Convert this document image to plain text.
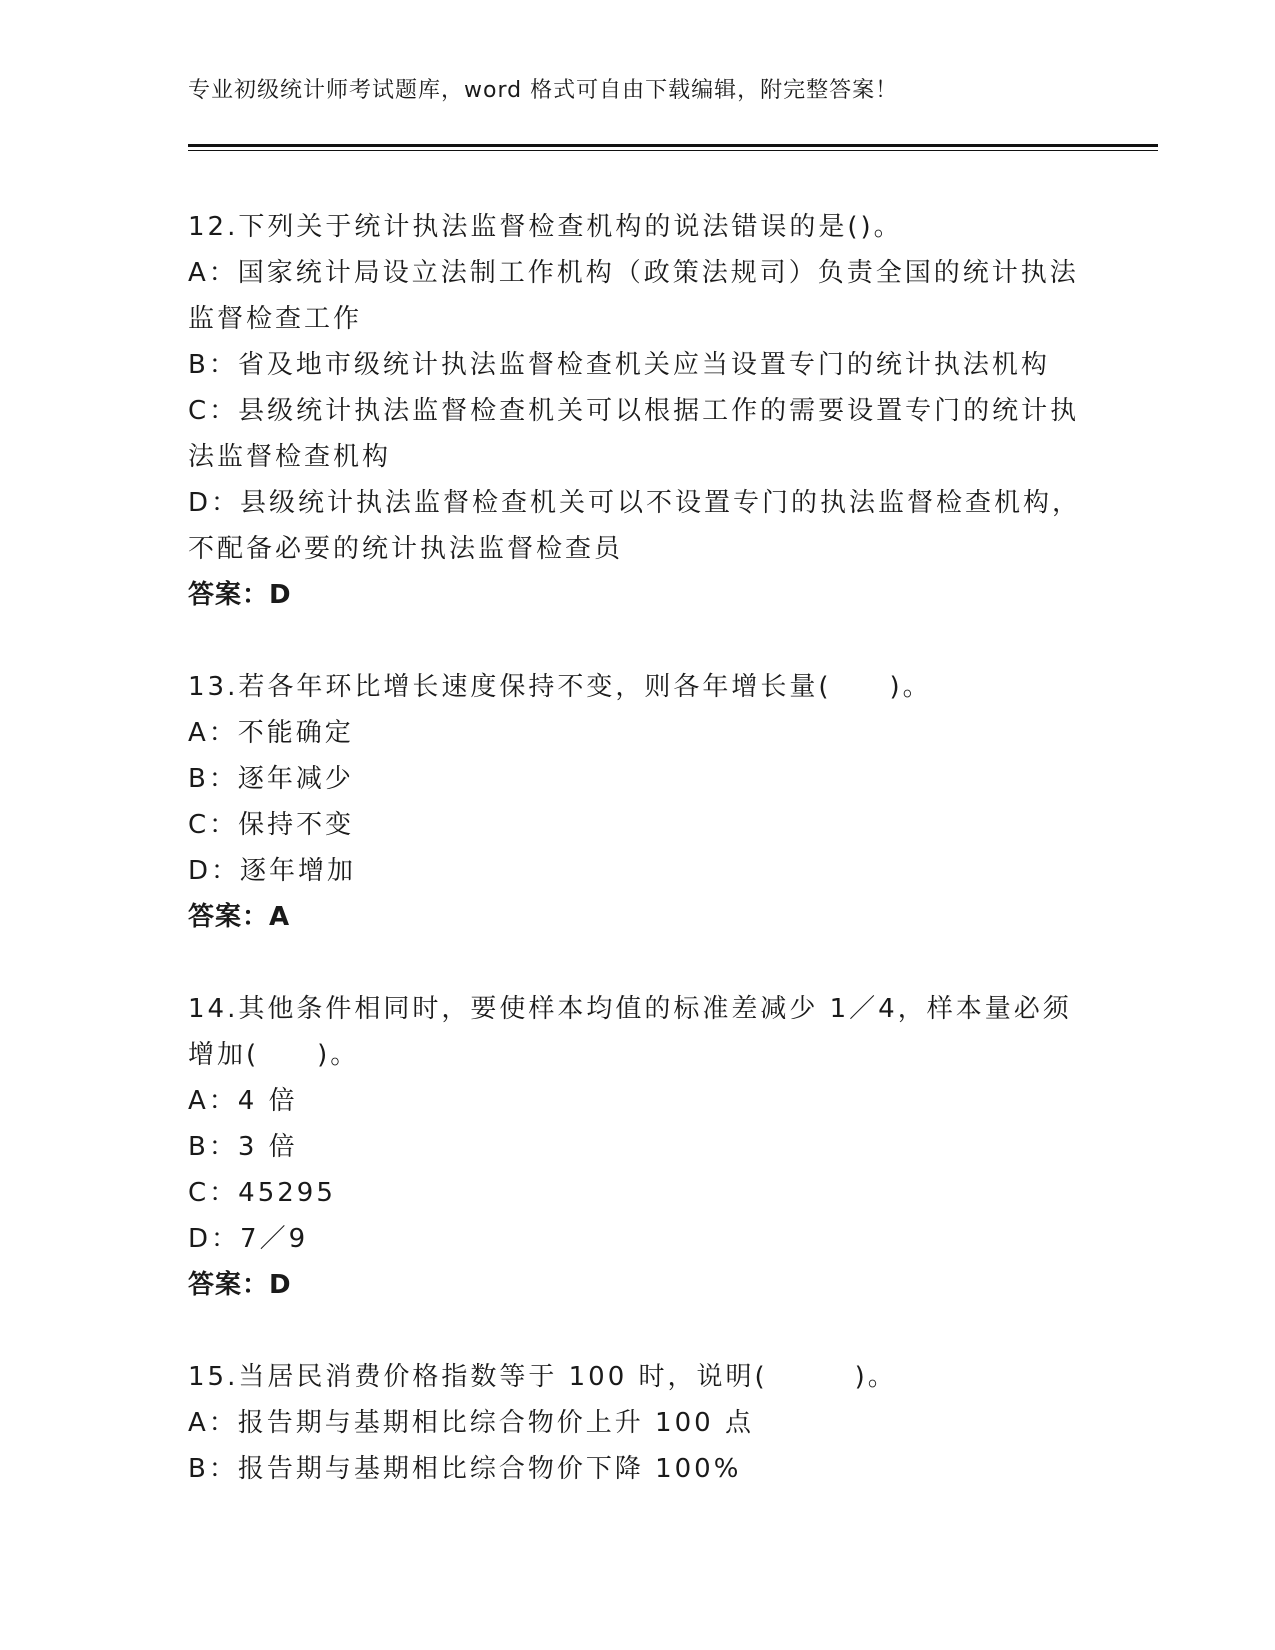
专业初级统计师考试题库，word 格式可自由下载编辑，附完整答案！
12.下列关于统计执法监督检查机构的说法错误的是()。
A：国家统计局设立法制工作机构（政策法规司）负责全国的统计执法监督检查工作
B：省及地市级统计执法监督检查机关应当设置专门的统计执法机构
C：县级统计执法监督检查机关可以根据工作的需要设置专门的统计执法监督检查机构
D：县级统计执法监督检查机关可以不设置专门的执法监督检查机构，不配备必要的统计执法监督检查员
答案：D
13.若各年环比增长速度保持不变，则各年增长量(　　)。
A：不能确定
B：逐年减少
C：保持不变
D：逐年增加
答案：A
14.其他条件相同时，要使样本均值的标准差减少 1／4，样本量必须增加(　　)。
A：4 倍
B：3 倍
C：45295
D：7／9
答案：D
15.当居民消费价格指数等于 100 时，说明(　　　)。
A：报告期与基期相比综合物价上升 100 点
B：报告期与基期相比综合物价下降 100%
